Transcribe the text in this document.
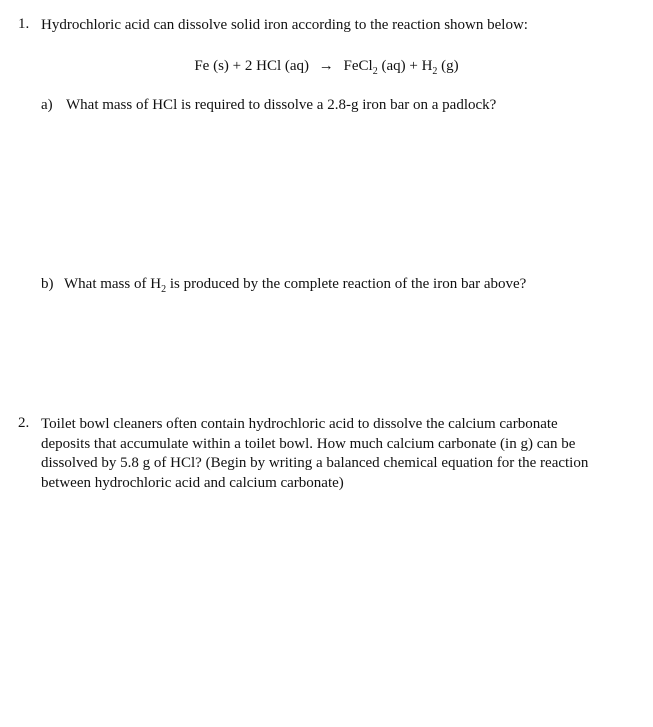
1. Hydrochloric acid can dissolve solid iron according to the reaction shown below:
Fe (s) + 2 HCl (aq) → FeCl$_2$ $(aq) + H_2$ (g)
a) What mass of HCl is required to dissolve a 2.8-g iron bar on a padlock?
b) What mass of $H_2$ is produced by the complete reaction of the iron bar above?
2. Toilet bowl cleaners often contain hydrochloric acid to dissolve the calcium carbonate
deposits that accumulate within a toilet bowl. How much calcium carbonate (in g) can be
dissolved by 5.8 g of HCl? (Begin by writing a balanced chemical equation for the reaction
between hydrochloric acid and calcium carbonate)
